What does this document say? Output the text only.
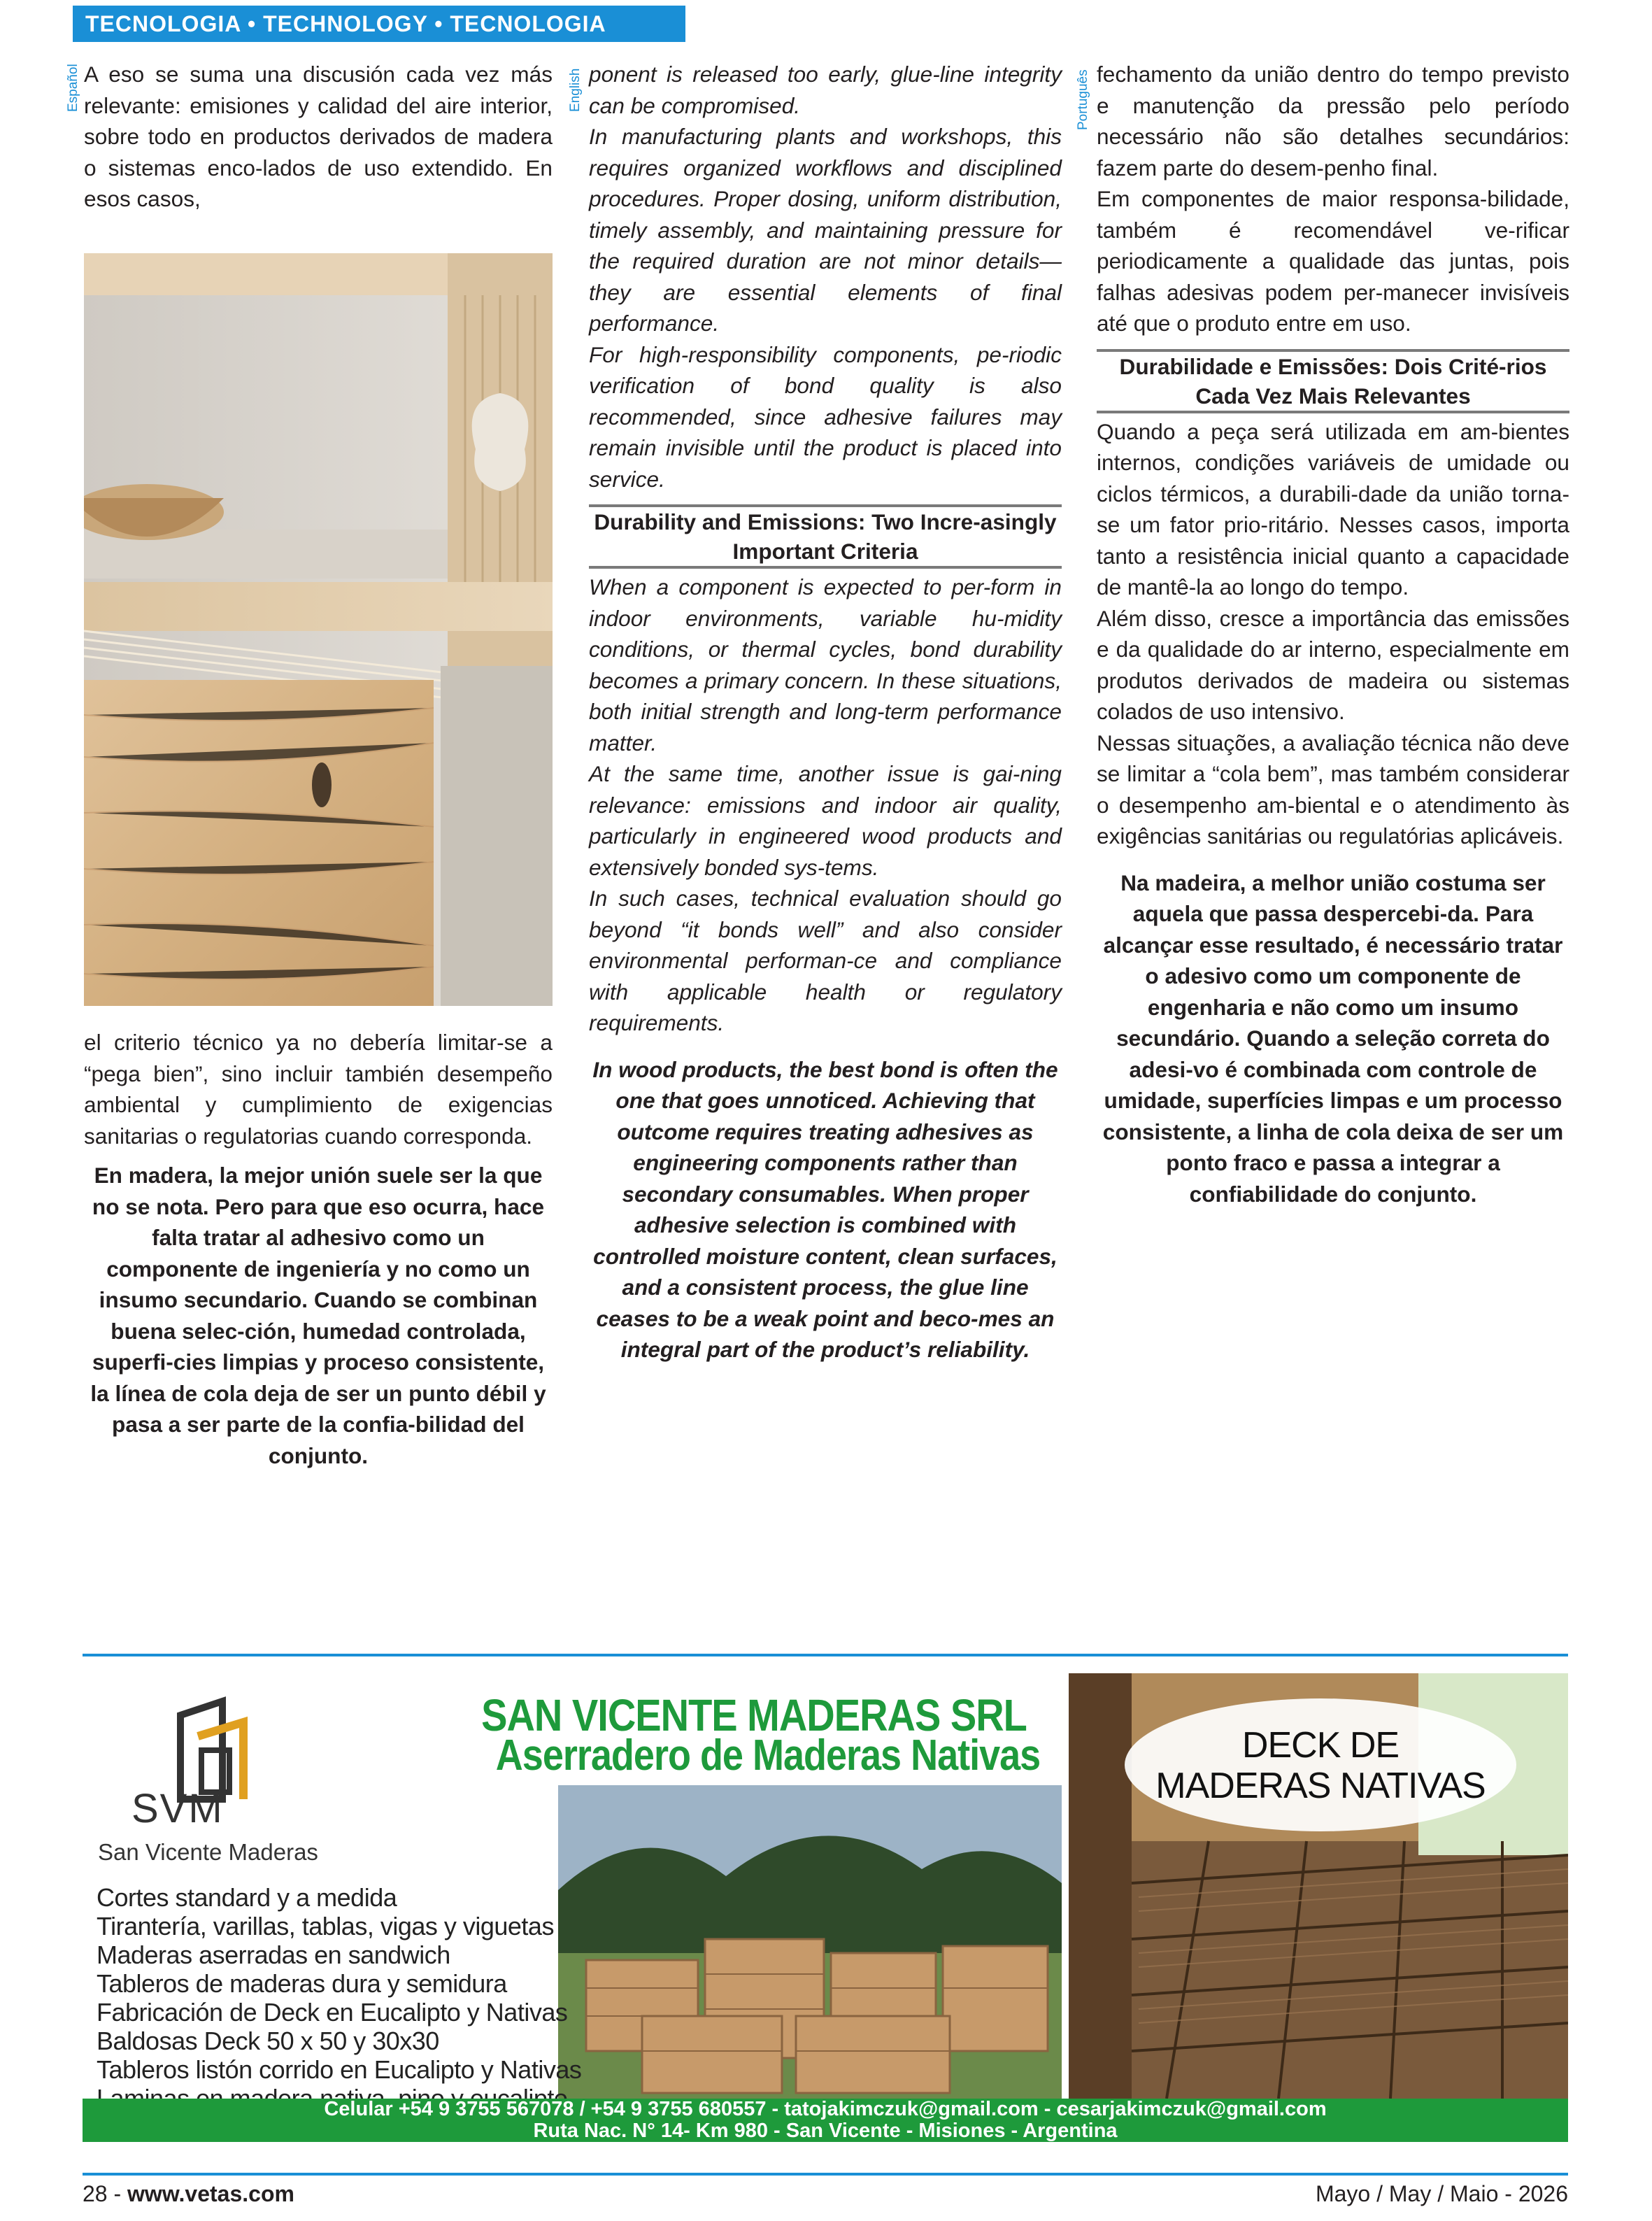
TECNOLOGIA • TECHNOLOGY • TECNOLOGIA
Español	English	Português

A eso se suma una discusión cada vez más relevante: emisiones y calidad del aire interior, sobre todo en productos derivados de madera o sistemas enco-lados de uso extendido. En esos casos,

el criterio técnico ya no debería limitar-se a “pega bien”, sino incluir también desempeño ambiental y cumplimiento de exigencias sanitarias o regulatorias cuando corresponda.

En madera, la mejor unión suele ser la que no se nota. Pero para que eso ocurra, hace falta tratar al adhesivo como un componente de ingeniería y no como un insumo secundario. Cuando se combinan buena selec-ción, humedad controlada, superfi-cies limpias y proceso consistente, la línea de cola deja de ser un punto débil y pasa a ser parte de la confia-bilidad del conjunto.

ponent is released too early, glue-line integrity can be compromised.

In manufacturing plants and workshops, this requires organized workflows and disciplined procedures. Proper dosing, uniform distribution, timely assembly, and maintaining pressure for the required duration are not minor details—they are essential elements of final performance.

For high-responsibility components, pe-riodic verification of bond quality is also recommended, since adhesive failures may remain invisible until the product is placed into service.

Durability and Emissions: Two Incre-asingly Important Criteria

When a component is expected to per-form in indoor environments, variable hu-midity conditions, or thermal cycles, bond durability becomes a primary concern. In these situations, both initial strength and long-term performance matter.

At the same time, another issue is gai-ning relevance: emissions and indoor air quality, particularly in engineered wood products and extensively bonded sys-tems.

In such cases, technical evaluation should go beyond “it bonds well” and also consider environmental performan-ce and compliance with applicable health or regulatory requirements.

In wood products, the best bond is often the one that goes unnoticed. Achieving that outcome requires treating adhesives as engineering components rather than secondary consumables. When proper adhesive selection is combined with controlled moisture content, clean surfaces, and a consistent process, the glue line ceases to be a weak point and beco-mes an integral part of the product’s reliability.

fechamento da união dentro do tempo previsto e manutenção da pressão pelo período necessário não são detalhes secundários: fazem parte do desem-penho final.

Em componentes de maior responsa-bilidade, também é recomendável ve-rificar periodicamente a qualidade das juntas, pois falhas adesivas podem per-manecer invisíveis até que o produto entre em uso.

Durabilidade e Emissões: Dois Crité-rios Cada Vez Mais Relevantes

Quando a peça será utilizada em am-bientes internos, condições variáveis de umidade ou ciclos térmicos, a durabili-dade da união torna-se um fator prio-ritário. Nesses casos, importa tanto a resistência inicial quanto a capacidade de mantê-la ao longo do tempo.

Além disso, cresce a importância das emissões e da qualidade do ar interno, especialmente em produtos derivados de madeira ou sistemas colados de uso intensivo.

Nessas situações, a avaliação técnica não deve se limitar a “cola bem”, mas também considerar o desempenho am-biental e o atendimento às exigências sanitárias ou regulatórias aplicáveis.

Na madeira, a melhor união costuma ser aquela que passa despercebi-da. Para alcançar esse resultado, é necessário tratar o adesivo como um componente de engenharia e não como um insumo secundário. Quando a seleção correta do adesi-vo é combinada com controle de umidade, superfícies limpas e um processo consistente, a linha de cola deixa de ser um ponto fraco e passa a integrar a confiabilidade do conjunto.

SVM
San Vicente Maderas
SAN VICENTE MADERAS SRL
Aserradero de Maderas Nativas
Cortes standard y a medida
Tirantería, varillas, tablas, vigas y viguetas
Maderas aserradas en sandwich
Tableros de maderas dura y semidura
Fabricación de Deck en Eucalipto y Nativas
Baldosas Deck 50 x 50 y 30x30
Tableros listón corrido en Eucalipto y Nativas
DECK DE
MADERAS NATIVAS
Celular +54 9 3755 567078 / +54 9 3755 680557 - tatojakimczuk@gmail.com - cesarjakimczuk@gmail.com
Ruta Nac. N° 14- Km 980 - San Vicente - Misiones - Argentina
28 - www.vetas.com	Mayo / May / Maio - 2026
